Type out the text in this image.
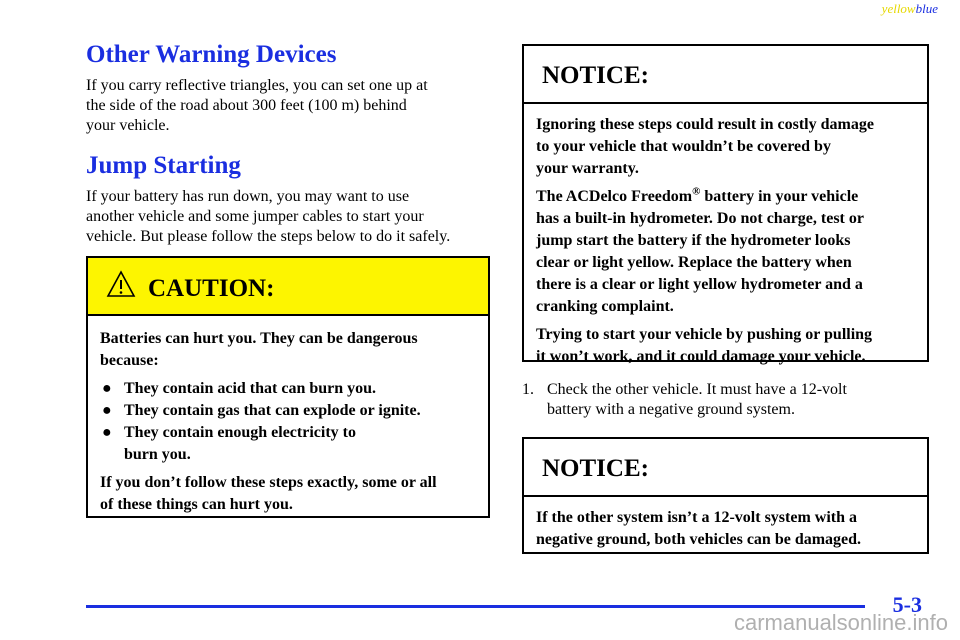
yellowblue
Other Warning Devices

If you carry reflective triangles, you can set one up at
the side of the road about 300 feet (100 m) behind
your vehicle.

Jump Starting

If your battery has run down, you may want to use
another vehicle and some jumper cables to start your
vehicle. But please follow the steps below to do it safely.

CAUTION:

Batteries can hurt you. They can be dangerous
because:

● They contain acid that can burn you.
● They contain gas that can explode or ignite.
● They contain enough electricity to
burn you.

If you don’t follow these steps exactly, some or all
of these things can hurt you.

NOTICE:

Ignoring these steps could result in costly damage
to your vehicle that wouldn’t be covered by
your warranty.

The ACDelco Freedom® battery in your vehicle
has a built‑in hydrometer. Do not charge, test or
jump start the battery if the hydrometer looks
clear or light yellow. Replace the battery when
there is a clear or light yellow hydrometer and a
cranking complaint.

Trying to start your vehicle by pushing or pulling
it won’t work, and it could damage your vehicle.

1. Check the other vehicle. It must have a 12‑volt
battery with a negative ground system.
NOTICE:

If the other system isn’t a 12‑volt system with a
negative ground, both vehicles can be damaged.

5-3
carmanualsonline.info
